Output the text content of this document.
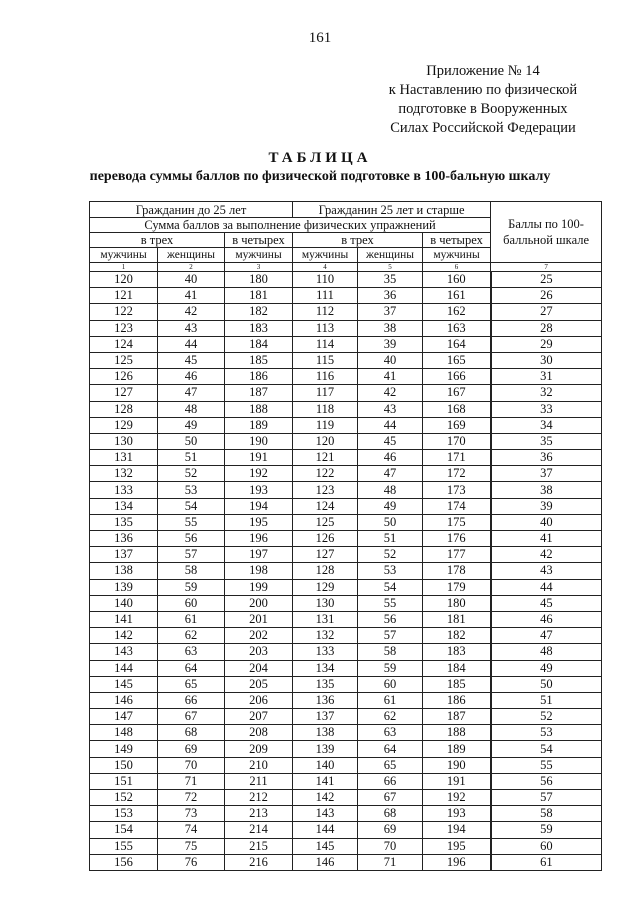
161
Приложение № 14
к Наставлению по физической
подготовке в Вооруженных
Силах Российской Федерации
ТАБЛИЦА
перевода суммы баллов по физической подготовке в 100-бальную шкалу
Гражданин до 25 лет			Гражданин 25 лет и старше			Баллы по 100-балльной шкале
Сумма баллов за выполнение физических упражнений						
в трех		в четырех	в трех		в четырех	
мужчины	женщины	мужчины	мужчины	женщины	мужчины	
1	2	3	4	5	6	7
120	40	180	110	35	160	25
121	41	181	111	36	161	26
122	42	182	112	37	162	27
123	43	183	113	38	163	28
124	44	184	114	39	164	29
125	45	185	115	40	165	30
126	46	186	116	41	166	31
127	47	187	117	42	167	32
128	48	188	118	43	168	33
129	49	189	119	44	169	34
130	50	190	120	45	170	35
131	51	191	121	46	171	36
132	52	192	122	47	172	37
133	53	193	123	48	173	38
134	54	194	124	49	174	39
135	55	195	125	50	175	40
136	56	196	126	51	176	41
137	57	197	127	52	177	42
138	58	198	128	53	178	43
139	59	199	129	54	179	44
140	60	200	130	55	180	45
141	61	201	131	56	181	46
142	62	202	132	57	182	47
143	63	203	133	58	183	48
144	64	204	134	59	184	49
145	65	205	135	60	185	50
146	66	206	136	61	186	51
147	67	207	137	62	187	52
148	68	208	138	63	188	53
149	69	209	139	64	189	54
150	70	210	140	65	190	55
151	71	211	141	66	191	56
152	72	212	142	67	192	57
153	73	213	143	68	193	58
154	74	214	144	69	194	59
155	75	215	145	70	195	60
156	76	216	146	71	196	61
